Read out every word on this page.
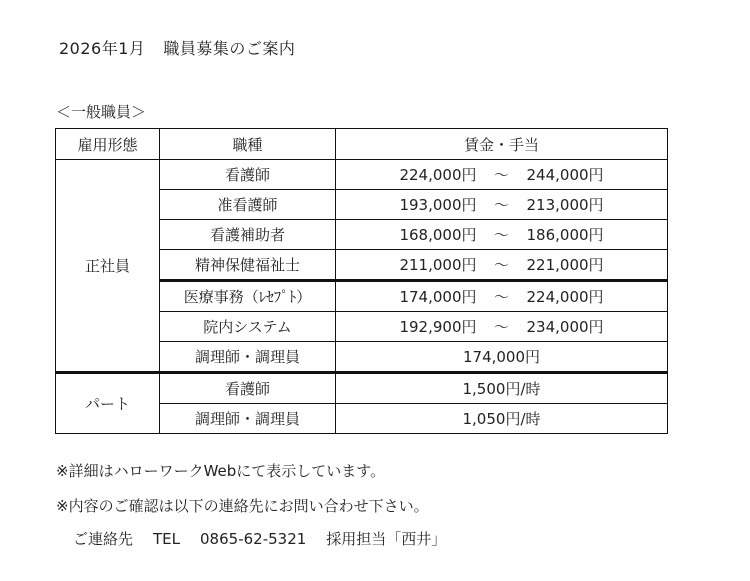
2026年1月 職員募集のご案内
＜一般職員＞
雇用形態	職種	賃金・手当
正社員	看護師	224,000円 ～ 244,000円
	准看護師	193,000円 ～ 213,000円
	看護補助者	168,000円 ～ 186,000円
	精神保健福祉士	211,000円 ～ 221,000円
	医療事務（ﾚｾﾌﾟﾄ）	174,000円 ～ 224,000円
	院内システム	192,900円 ～ 234,000円
	調理師・調理員	174,000円
パート	看護師	1,500円/時
	調理師・調理員	1,050円/時
※詳細はハローワークWebにて表示しています。
※内容のご確認は以下の連絡先にお問い合わせ下さい。
ご連絡先 TEL 0865-62-5321 採用担当「西井」
